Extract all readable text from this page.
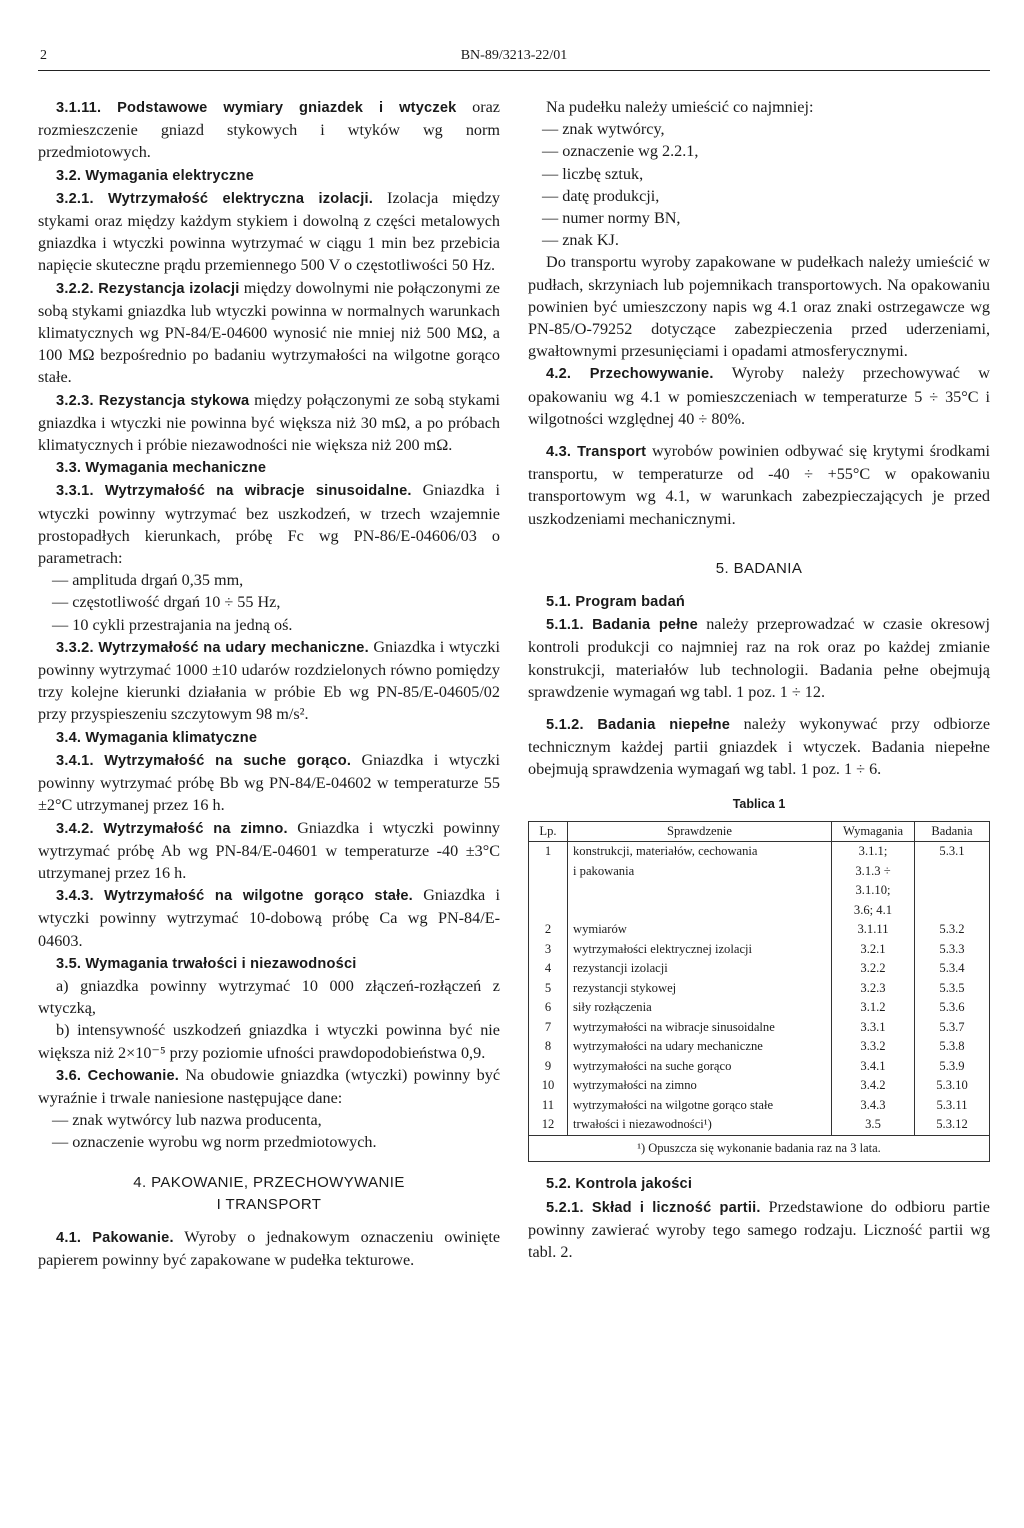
2	BN-89/3213-22/01

3.1.11. Podstawowe wymiary gniazdek i wtyczek oraz rozmieszczenie gniazd stykowych i wtyków wg norm przedmiotowych.

3.2. Wymagania elektryczne

3.2.1. Wytrzymałość elektryczna izolacji. Izolacja między stykami oraz między każdym stykiem i dowolną z części metalowych gniazdka i wtyczki powinna wytrzymać w ciągu 1 min bez przebicia napięcie skuteczne prądu przemiennego 500 V o częstotliwości 50 Hz.

3.2.2. Rezystancja izolacji między dowolnymi nie połączonymi ze sobą stykami gniazdka lub wtyczki powinna w normalnych warunkach klimatycznych wg PN-84/E-04600 wynosić nie mniej niż 500 MΩ, a 100 MΩ bezpośrednio po badaniu wytrzymałości na wilgotne gorąco stałe.

3.2.3. Rezystancja stykowa między połączonymi ze sobą stykami gniazdka i wtyczki nie powinna być większa niż 30 mΩ, a po próbach klimatycznych i próbie niezawodności nie większa niż 200 mΩ.

3.3. Wymagania mechaniczne

3.3.1. Wytrzymałość na wibracje sinusoidalne. Gniazdka i wtyczki powinny wytrzymać bez uszkodzeń, w trzech wzajemnie prostopadłych kierunkach, próbę Fc wg PN-86/E-04606/03 o parametrach:

— amplituda drgań 0,35 mm,

— częstotliwość drgań 10 ÷ 55 Hz,

— 10 cykli przestrajania na jedną oś.

3.3.2. Wytrzymałość na udary mechaniczne. Gniazdka i wtyczki powinny wytrzymać 1000 ±10 udarów rozdzielonych równo pomiędzy trzy kolejne kierunki działania w próbie Eb wg PN-85/E-04605/02 przy przyspieszeniu szczytowym 98 m/s².

3.4. Wymagania klimatyczne

3.4.1. Wytrzymałość na suche gorąco. Gniazdka i wtyczki powinny wytrzymać próbę Bb wg PN-84/E-04602 w temperaturze 55 ±2°C utrzymanej przez 16 h.

3.4.2. Wytrzymałość na zimno. Gniazdka i wtyczki powinny wytrzymać próbę Ab wg PN-84/E-04601 w temperaturze -40 ±3°C utrzymanej przez 16 h.

3.4.3. Wytrzymałość na wilgotne gorąco stałe. Gniazdka i wtyczki powinny wytrzymać 10-dobową próbę Ca wg PN-84/E-04603.

3.5. Wymagania trwałości i niezawodności

a) gniazdka powinny wytrzymać 10 000 złączeń-rozłączeń z wtyczką,

b) intensywność uszkodzeń gniazdka i wtyczki powinna być nie większa niż 2×10⁻⁵ przy poziomie ufności prawdopodobieństwa 0,9.

3.6. Cechowanie. Na obudowie gniazdka (wtyczki) powinny być wyraźnie i trwale naniesione następujące dane:

— znak wytwórcy lub nazwa producenta,

— oznaczenie wyrobu wg norm przedmiotowych.

4. PAKOWANIE, PRZECHOWYWANIE

I TRANSPORT

4.1. Pakowanie. Wyroby o jednakowym oznaczeniu owinięte papierem powinny być zapakowane w pudełka tekturowe.

Na pudełku należy umieścić co najmniej:

— znak wytwórcy,

— oznaczenie wg 2.2.1,

— liczbę sztuk,

— datę produkcji,

— numer normy BN,

— znak KJ.

Do transportu wyroby zapakowane w pudełkach należy umieścić w pudłach, skrzyniach lub pojemnikach transportowych. Na opakowaniu powinien być umieszczony napis wg 4.1 oraz znaki ostrzegawcze wg PN-85/O-79252 dotyczące zabezpieczenia przed uderzeniami, gwałtownymi przesunięciami i opadami atmosferycznymi.

4.2. Przechowywanie. Wyroby należy przechowywać w opakowaniu wg 4.1 w pomieszczeniach w temperaturze 5 ÷ 35°C i wilgotności względnej 40 ÷ 80%.

4.3. Transport wyrobów powinien odbywać się krytymi środkami transportu, w temperaturze od -40 ÷ +55°C w opakowaniu transportowym wg 4.1, w warunkach zabezpieczających je przed uszkodzeniami mechanicznymi.

5. BADANIA

5.1. Program badań

5.1.1. Badania pełne należy przeprowadzać w czasie okresowj kontroli produkcji co najmniej raz na rok oraz po każdej zmianie konstrukcji, materiałów lub technologii. Badania pełne obejmują sprawdzenie wymagań wg tabl. 1 poz. 1 ÷ 12.

5.1.2. Badania niepełne należy wykonywać przy odbiorze technicznym każdej partii gniazdek i wtyczek. Badania niepełne obejmują sprawdzenia wymagań wg tabl. 1 poz. 1 ÷ 6.

Tablica 1
Lp.	Sprawdzenie	Wymagania	Badania
1	konstrukcji, materiałów, cechowania	3.1.1;	5.3.1
	i pakowania	3.1.3 ÷	
		3.1.10;	
		3.6; 4.1	
2	wymiarów	3.1.11	5.3.2
3	wytrzymałości elektrycznej izolacji	3.2.1	5.3.3
4	rezystancji izolacji	3.2.2	5.3.4
5	rezystancji stykowej	3.2.3	5.3.5
6	siły rozłączenia	3.1.2	5.3.6
7	wytrzymałości na wibracje sinusoidalne	3.3.1	5.3.7
8	wytrzymałości na udary mechaniczne	3.3.2	5.3.8
9	wytrzymałości na suche gorąco	3.4.1	5.3.9
10	wytrzymałości na zimno	3.4.2	5.3.10
11	wytrzymałości na wilgotne gorąco stałe	3.4.3	5.3.11
12	trwałości i niezawodności¹)	3.5	5.3.12
¹) Opuszcza się wykonanie badania raz na 3 lata.			

5.2. Kontrola jakości

5.2.1. Skład i liczność partii. Przedstawione do odbioru partie powinny zawierać wyroby tego samego rodzaju. Liczność partii wg tabl. 2.
